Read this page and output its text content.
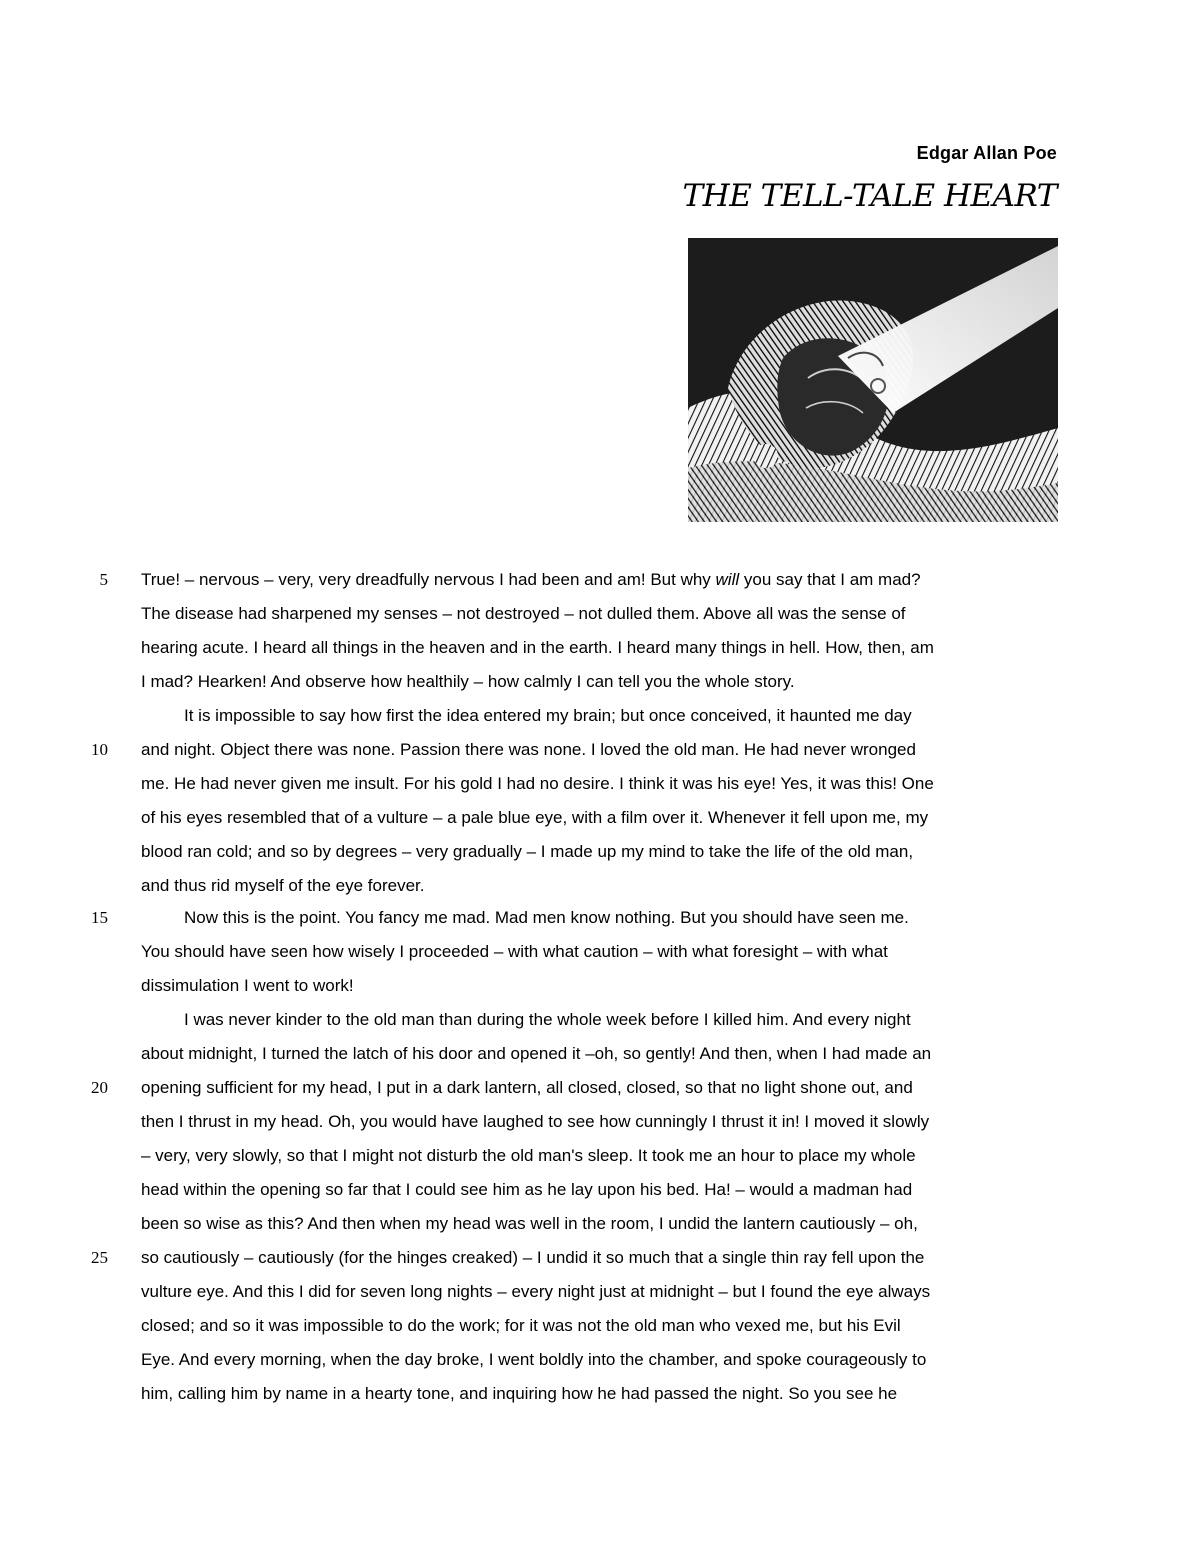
Edgar Allan Poe
THE TELL-TALE HEART
5
10
15
20
25
True! – nervous – very, very dreadfully nervous I had been and am! But why will you say that I am mad?
The disease had sharpened my senses – not destroyed – not dulled them. Above all was the sense of
hearing acute. I heard all things in the heaven and in the earth. I heard many things in hell. How, then, am
I mad? Hearken! And observe how healthily – how calmly I can tell you the whole story.
It is impossible to say how first the idea entered my brain; but once conceived, it haunted me day
and night. Object there was none. Passion there was none. I loved the old man. He had never wronged
me. He had never given me insult. For his gold I had no desire. I think it was his eye! Yes, it was this! One
of his eyes resembled that of a vulture – a pale blue eye, with a film over it. Whenever it fell upon me, my
blood ran cold; and so by degrees – very gradually – I made up my mind to take the life of the old man,
and thus rid myself of the eye forever.
Now this is the point. You fancy me mad. Mad men know nothing. But you should have seen me.
You should have seen how wisely I proceeded – with what caution – with what foresight – with what
dissimulation I went to work!
I was never kinder to the old man than during the whole week before I killed him. And every night
about midnight, I turned the latch of his door and opened it –oh, so gently! And then, when I had made an
opening sufficient for my head, I put in a dark lantern, all closed, closed, so that no light shone out, and
then I thrust in my head. Oh, you would have laughed to see how cunningly I thrust it in! I moved it slowly
– very, very slowly, so that I might not disturb the old man's sleep. It took me an hour to place my whole
head within the opening so far that I could see him as he lay upon his bed. Ha! – would a madman had
been so wise as this? And then when my head was well in the room, I undid the lantern cautiously – oh,
so cautiously – cautiously (for the hinges creaked) – I undid it so much that a single thin ray fell upon the
vulture eye. And this I did for seven long nights – every night just at midnight – but I found the eye always
closed; and so it was impossible to do the work; for it was not the old man who vexed me, but his Evil
Eye. And every morning, when the day broke, I went boldly into the chamber, and spoke courageously to
him, calling him by name in a hearty tone, and inquiring how he had passed the night. So you see he
